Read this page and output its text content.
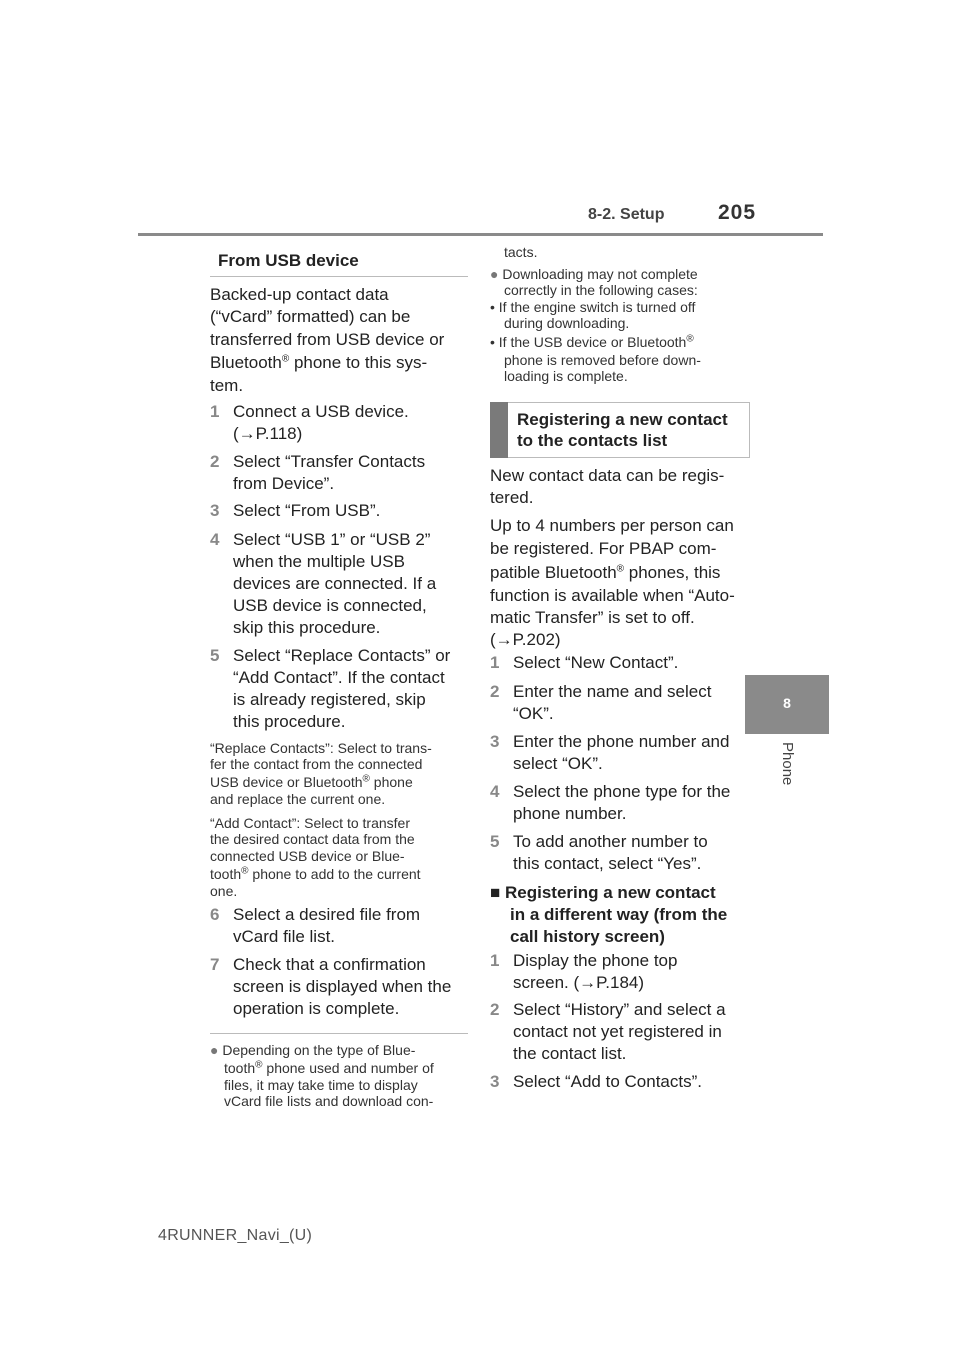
8-2. Setup	205
8
Phone
From USB device
Backed-up contact data
(“vCard” formatted) can be
transferred from USB device or
Bluetooth® phone to this sys-
tem.
1 Connect a USB device.
(→P.118)
2 Select “Transfer Contacts
from Device”.
3 Select “From USB”.
4 Select “USB 1” or “USB 2”
when the multiple USB
devices are connected. If a
USB device is connected,
skip this procedure.
5 Select “Replace Contacts” or
“Add Contact”. If the contact
is already registered, skip
this procedure.
“Replace Contacts”: Select to trans-
fer the contact from the connected
USB device or Bluetooth® phone
and replace the current one.
“Add Contact”: Select to transfer
the desired contact data from the
connected USB device or Blue-
tooth® phone to add to the current
one.
6 Select a desired file from
vCard file list.
7 Check that a confirmation
screen is displayed when the
operation is complete.
● Depending on the type of Blue-
tooth® phone used and number of
files, it may take time to display
vCard file lists and download con-
tacts.
● Downloading may not complete
correctly in the following cases:
• If the engine switch is turned off
during downloading.
• If the USB device or Bluetooth®
phone is removed before down-
loading is complete.
Registering a new contact
to the contacts list
New contact data can be regis-
tered.
Up to 4 numbers per person can
be registered. For PBAP com-
patible Bluetooth® phones, this
function is available when “Auto-
matic Transfer” is set to off.
(→P.202)
1 Select “New Contact”.
2 Enter the name and select
“OK”.
3 Enter the phone number and
select “OK”.
4 Select the phone type for the
phone number.
5 To add another number to
this contact, select “Yes”.
■ Registering a new contact
in a different way (from the
call history screen)
1 Display the phone top
screen. (→P.184)
2 Select “History” and select a
contact not yet registered in
the contact list.
3 Select “Add to Contacts”.
4RUNNER_Navi_(U)
